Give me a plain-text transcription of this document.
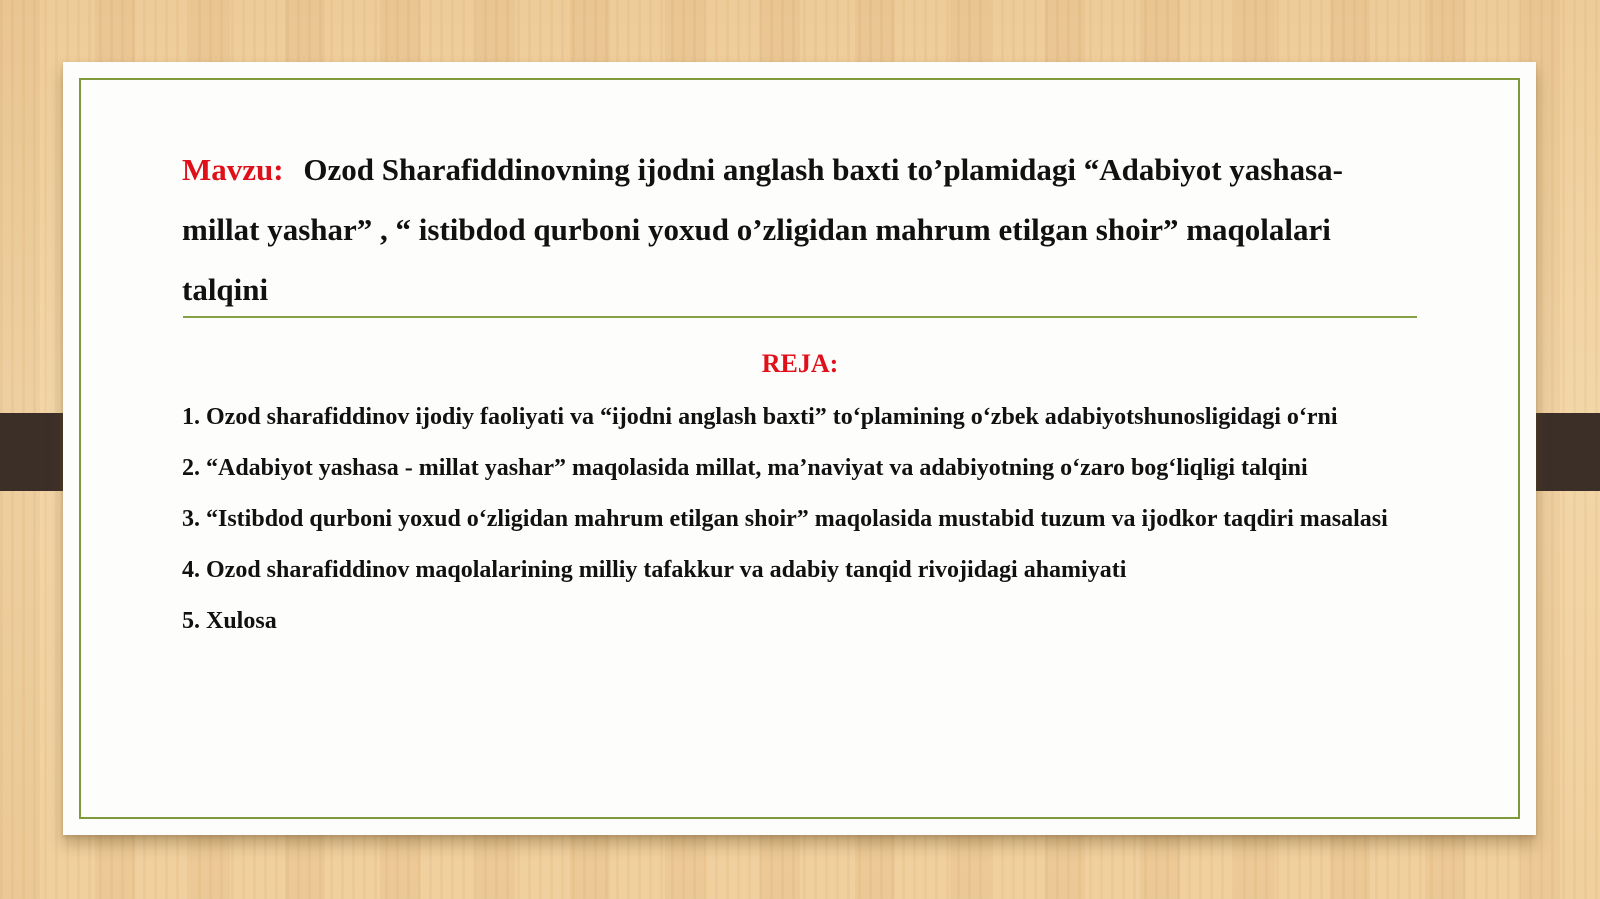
Mavzu: Ozod Sharafiddinovning ijodni anglash baxti to’plamidagi “Adabiyot yashasa- millat yashar” , “ istibdod qurboni yoxud o’zligidan mahrum etilgan shoir” maqolalari talqini
REJA:
1. Ozod sharafiddinov ijodiy faoliyati va “ijodni anglash baxti” to‘plamining o‘zbek adabiyotshunosligidagi o‘rni
2. “Adabiyot yashasa - millat yashar” maqolasida millat, ma’naviyat va adabiyotning o‘zaro bog‘liqligi talqini
3. “Istibdod qurboni yoxud o‘zligidan mahrum etilgan shoir” maqolasida mustabid tuzum va ijodkor taqdiri masalasi
4. Ozod sharafiddinov maqolalarining milliy tafakkur va adabiy tanqid rivojidagi ahamiyati
5. Xulosa
